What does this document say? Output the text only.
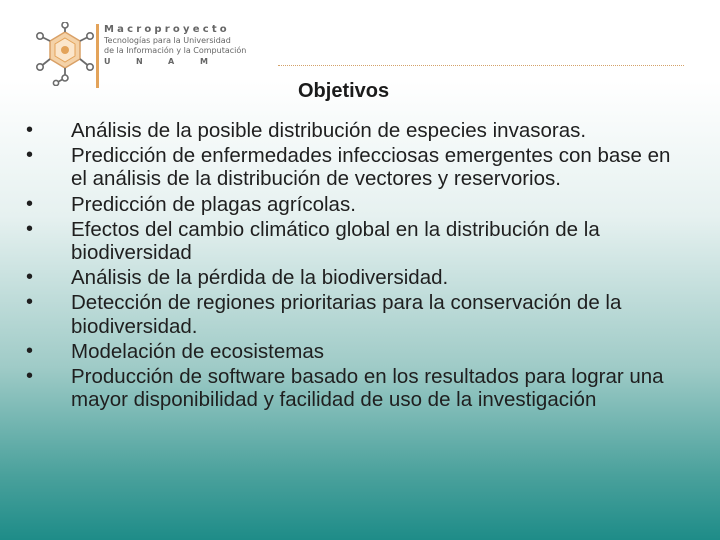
Macroproyecto
Tecnologías para la Universidad
de la Información y la Computación
U	N	A	M
Objetivos
• Análisis de la posible distribución de especies invasoras.
• Predicción de enfermedades infecciosas emergentes con base en el análisis de la distribución de vectores y reservorios.
• Predicción de plagas agrícolas.
• Efectos del cambio climático global en la distribución de la biodiversidad
• Análisis de la pérdida de la biodiversidad.
• Detección de regiones prioritarias para la conservación de la biodiversidad.
• Modelación de ecosistemas
• Producción de software basado en los resultados para lograr una mayor disponibilidad y facilidad de uso de la investigación
